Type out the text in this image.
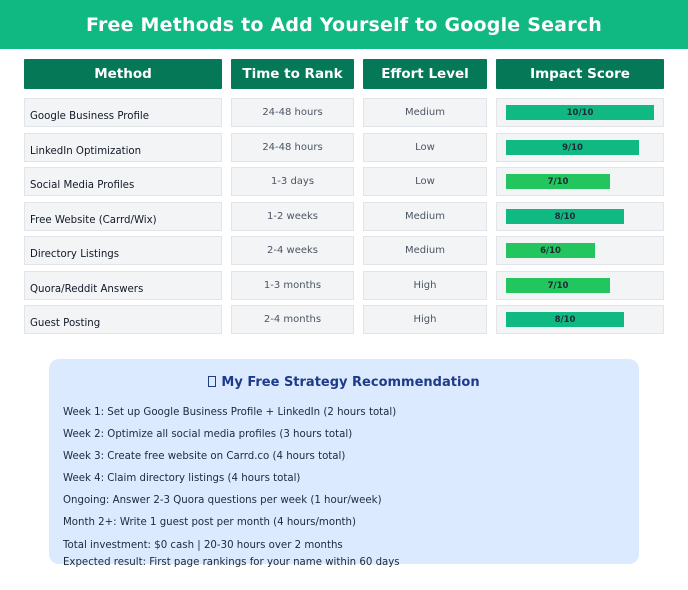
Free Methods to Add Yourself to Google Search
Method	Time to Rank	Effort Level	Impact Score
Google Business Profile	24-48 hours	Medium	10/10
LinkedIn Optimization	24-48 hours	Low	9/10
Social Media Profiles	1-3 days	Low	7/10
Free Website (Carrd/Wix)	1-2 weeks	Medium	8/10
Directory Listings	2-4 weeks	Medium	6/10
Quora/Reddit Answers	1-3 months	High	7/10
Guest Posting	2-4 months	High	8/10
My Free Strategy Recommendation
Week 1: Set up Google Business Profile + LinkedIn (2 hours total)
Week 2: Optimize all social media profiles (3 hours total)
Week 3: Create free website on Carrd.co (4 hours total)
Week 4: Claim directory listings (4 hours total)
Ongoing: Answer 2-3 Quora questions per week (1 hour/week)
Month 2+: Write 1 guest post per month (4 hours/month)
Total investment: $0 cash | 20-30 hours over 2 months
Expected result: First page rankings for your name within 60 days
